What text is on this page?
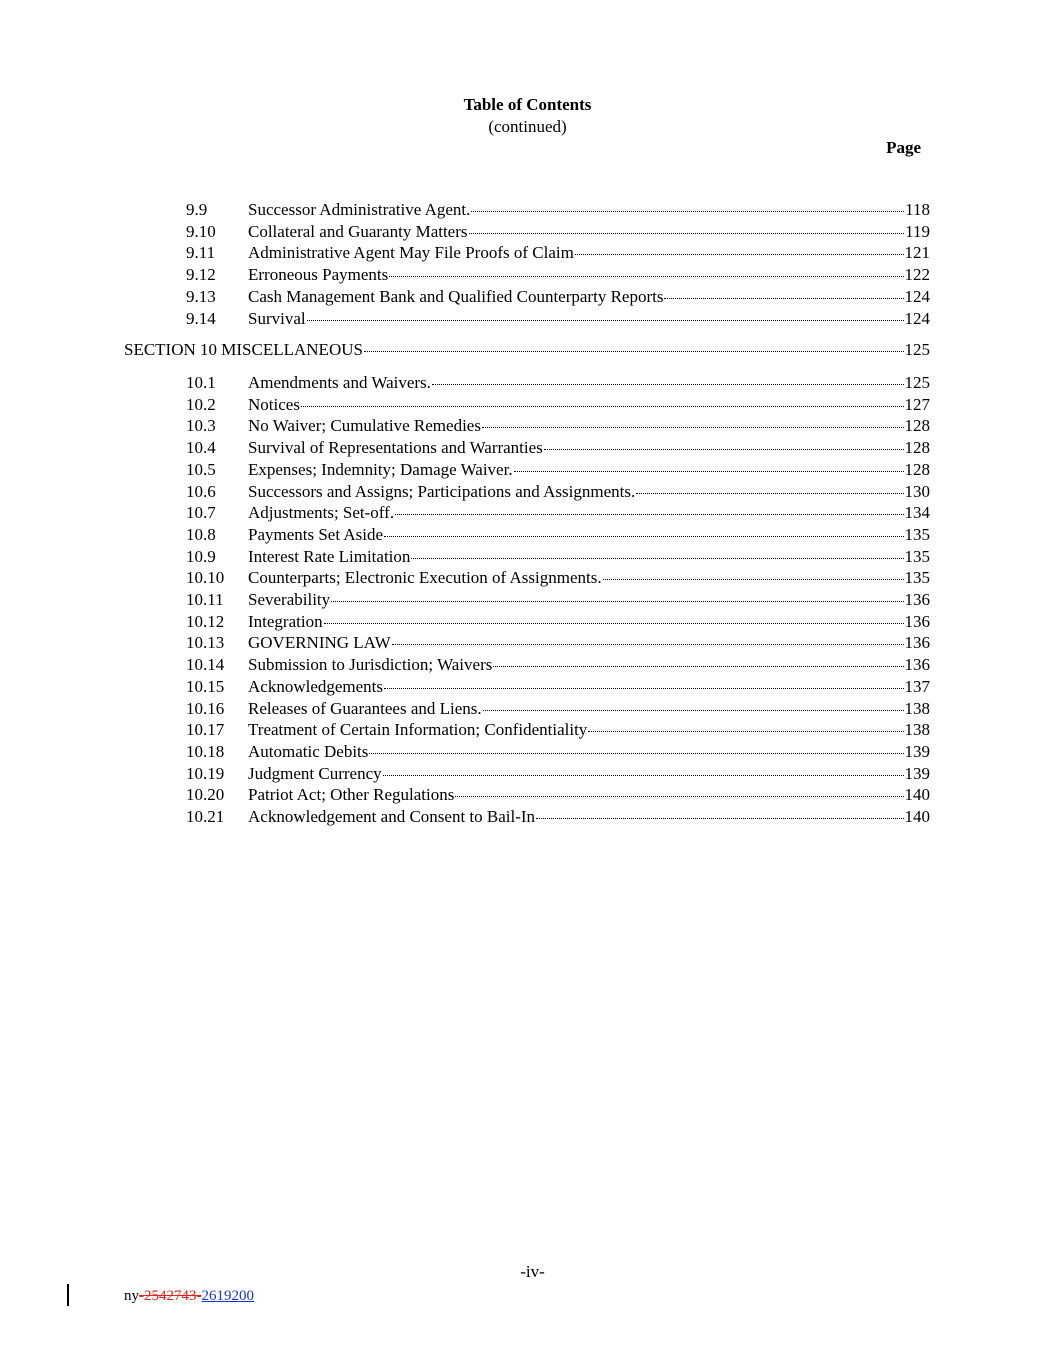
Table of Contents
(continued)
Page
9.9	Successor Administrative Agent.	118
9.10	Collateral and Guaranty Matters	119
9.11	Administrative Agent May File Proofs of Claim	121
9.12	Erroneous Payments	122
9.13	Cash Management Bank and Qualified Counterparty Reports	124
9.14	Survival	124
SECTION 10 MISCELLANEOUS	125
10.1	Amendments and Waivers.	125
10.2	Notices	127
10.3	No Waiver; Cumulative Remedies	128
10.4	Survival of Representations and Warranties	128
10.5	Expenses; Indemnity; Damage Waiver.	128
10.6	Successors and Assigns; Participations and Assignments.	130
10.7	Adjustments; Set-off.	134
10.8	Payments Set Aside	135
10.9	Interest Rate Limitation	135
10.10	Counterparts; Electronic Execution of Assignments.	135
10.11	Severability	136
10.12	Integration	136
10.13	GOVERNING LAW	136
10.14	Submission to Jurisdiction; Waivers	136
10.15	Acknowledgements	137
10.16	Releases of Guarantees and Liens.	138
10.17	Treatment of Certain Information; Confidentiality	138
10.18	Automatic Debits	139
10.19	Judgment Currency	139
10.20	Patriot Act; Other Regulations	140
10.21	Acknowledgement and Consent to Bail-In	140
-iv-
ny-2542743-2619200
